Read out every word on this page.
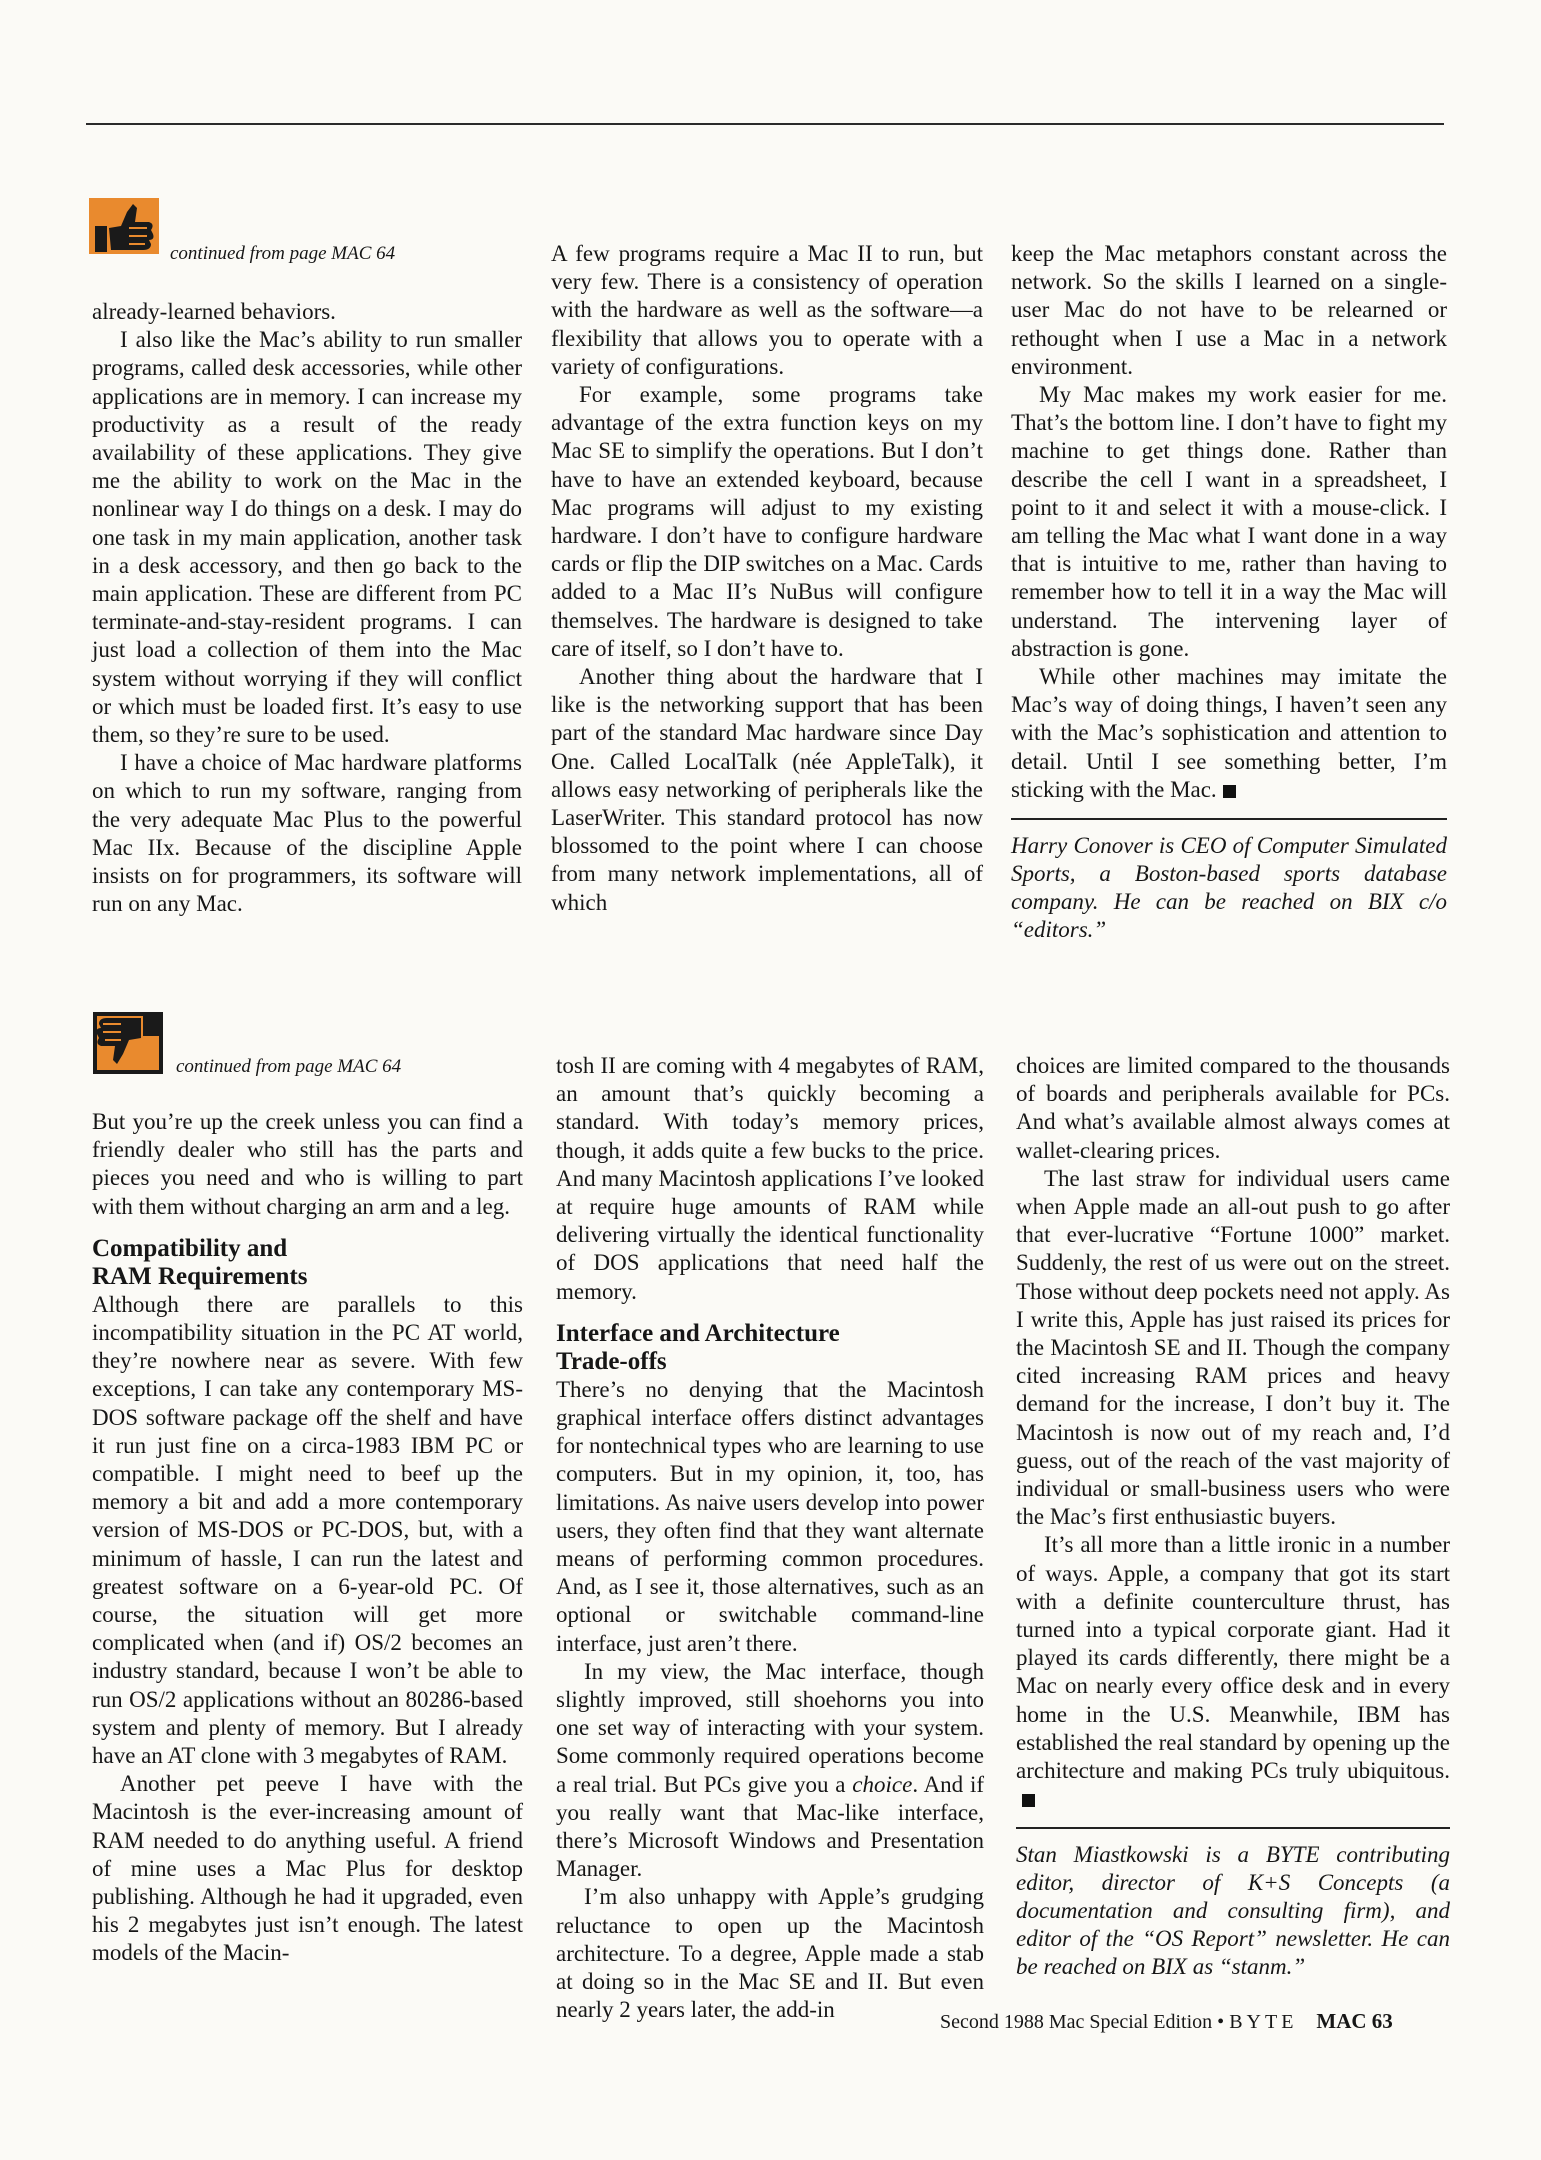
continued from page MAC 64

already-learned behaviors.

I also like the Mac’s ability to run smaller programs, called desk accessories, while other applications are in memory. I can increase my productivity as a result of the ready availability of these applications. They give me the ability to work on the Mac in the nonlinear way I do things on a desk. I may do one task in my main application, another task in a desk accessory, and then go back to the main application. These are different from PC terminate-and-stay-resident programs. I can just load a collection of them into the Mac system without worrying if they will conflict or which must be loaded first. It’s easy to use them, so they’re sure to be used.

I have a choice of Mac hardware platforms on which to run my software, ranging from the very adequate Mac Plus to the powerful Mac IIx. Because of the discipline Apple insists on for programmers, its software will run on any Mac.

A few programs require a Mac II to run, but very few. There is a consistency of operation with the hardware as well as the software—a flexibility that allows you to operate with a variety of configurations.

For example, some programs take advantage of the extra function keys on my Mac SE to simplify the operations. But I don’t have to have an extended keyboard, because Mac programs will adjust to my existing hardware. I don’t have to configure hardware cards or flip the DIP switches on a Mac. Cards added to a Mac II’s NuBus will configure themselves. The hardware is designed to take care of itself, so I don’t have to.

Another thing about the hardware that I like is the networking support that has been part of the standard Mac hardware since Day One. Called LocalTalk (née AppleTalk), it allows easy networking of peripherals like the LaserWriter. This standard protocol has now blossomed to the point where I can choose from many network implementations, all of which

keep the Mac metaphors constant across the network. So the skills I learned on a single-user Mac do not have to be relearned or rethought when I use a Mac in a network environment.

My Mac makes my work easier for me. That’s the bottom line. I don’t have to fight my machine to get things done. Rather than describe the cell I want in a spreadsheet, I point to it and select it with a mouse-click. I am telling the Mac what I want done in a way that is intuitive to me, rather than having to remember how to tell it in a way the Mac will understand. The intervening layer of abstraction is gone.

While other machines may imitate the Mac’s way of doing things, I haven’t seen any with the Mac’s sophistication and attention to detail. Until I see something better, I’m sticking with the Mac.

Harry Conover is CEO of Computer Simulated Sports, a Boston-based sports database company. He can be reached on BIX c/o “editors.”

continued from page MAC 64

But you’re up the creek unless you can find a friendly dealer who still has the parts and pieces you need and who is willing to part with them without charging an arm and a leg.

Compatibility and
RAM Requirements

Although there are parallels to this incompatibility situation in the PC AT world, they’re nowhere near as severe. With few exceptions, I can take any contemporary MS-DOS software package off the shelf and have it run just fine on a circa-1983 IBM PC or compatible. I might need to beef up the memory a bit and add a more contemporary version of MS-DOS or PC-DOS, but, with a minimum of hassle, I can run the latest and greatest software on a 6-year-old PC. Of course, the situation will get more complicated when (and if) OS/2 becomes an industry standard, because I won’t be able to run OS/2 applications without an 80286-based system and plenty of memory. But I already have an AT clone with 3 megabytes of RAM.

Another pet peeve I have with the Macintosh is the ever-increasing amount of RAM needed to do anything useful. A friend of mine uses a Mac Plus for desktop publishing. Although he had it upgraded, even his 2 megabytes just isn’t enough. The latest models of the Macin-

tosh II are coming with 4 megabytes of RAM, an amount that’s quickly becoming a standard. With today’s memory prices, though, it adds quite a few bucks to the price. And many Macintosh applications I’ve looked at require huge amounts of RAM while delivering virtually the identical functionality of DOS applications that need half the memory.

Interface and Architecture
Trade-offs

There’s no denying that the Macintosh graphical interface offers distinct advantages for nontechnical types who are learning to use computers. But in my opinion, it, too, has limitations. As naive users develop into power users, they often find that they want alternate means of performing common procedures. And, as I see it, those alternatives, such as an optional or switchable command-line interface, just aren’t there.

In my view, the Mac interface, though slightly improved, still shoehorns you into one set way of interacting with your system. Some commonly required operations become a real trial. But PCs give you a choice. And if you really want that Mac-like interface, there’s Microsoft Windows and Presentation Manager.

I’m also unhappy with Apple’s grudging reluctance to open up the Macintosh architecture. To a degree, Apple made a stab at doing so in the Mac SE and II. But even nearly 2 years later, the add-in

choices are limited compared to the thousands of boards and peripherals available for PCs. And what’s available almost always comes at wallet-clearing prices.

The last straw for individual users came when Apple made an all-out push to go after that ever-lucrative “Fortune 1000” market. Suddenly, the rest of us were out on the street. Those without deep pockets need not apply. As I write this, Apple has just raised its prices for the Macintosh SE and II. Though the company cited increasing RAM prices and heavy demand for the increase, I don’t buy it. The Macintosh is now out of my reach and, I’d guess, out of the reach of the vast majority of individual or small-business users who were the Mac’s first enthusiastic buyers.

It’s all more than a little ironic in a number of ways. Apple, a company that got its start with a definite counterculture thrust, has turned into a typical corporate giant. Had it played its cards differently, there might be a Mac on nearly every office desk and in every home in the U.S. Meanwhile, IBM has established the real standard by opening up the architecture and making PCs truly ubiquitous.

Stan Miastkowski is a BYTE contributing editor, director of K+S Concepts (a documentation and consulting firm), and editor of the “OS Report” newsletter. He can be reached on BIX as “stanm.”

Second 1988 Mac Special Edition • BYTE MAC 63
